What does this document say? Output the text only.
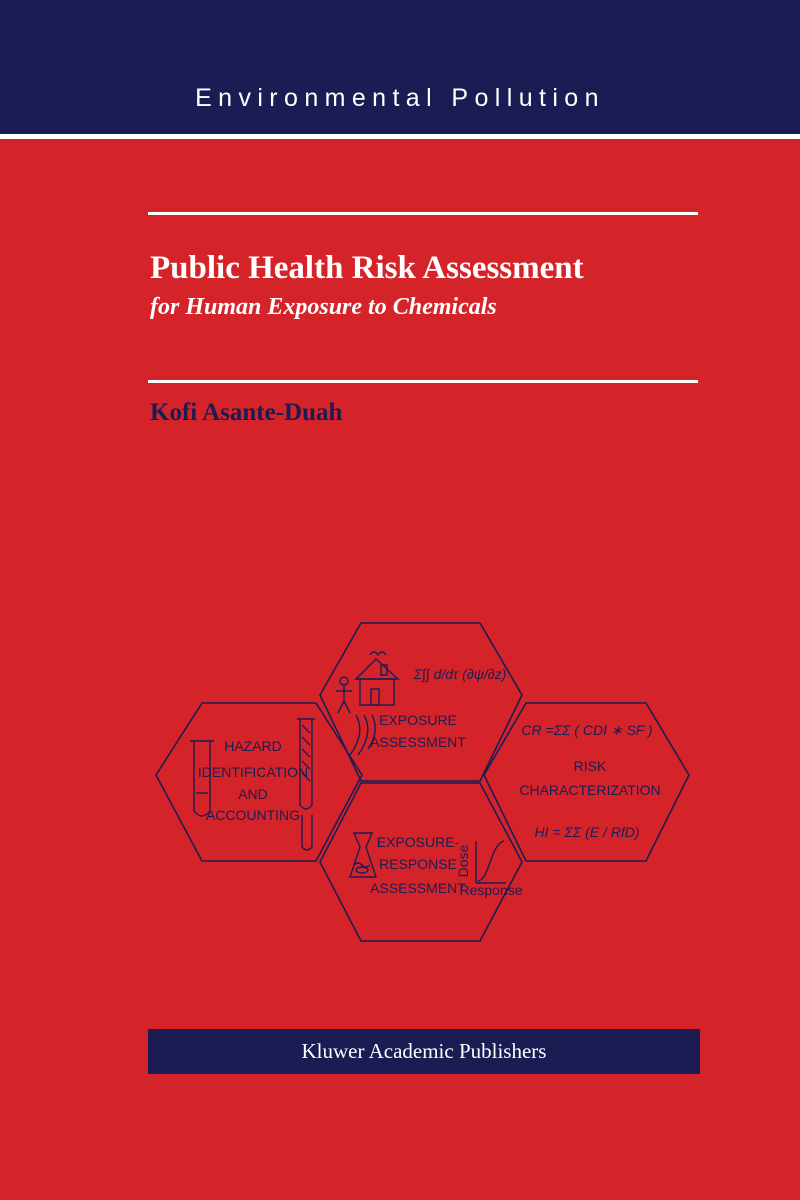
Environmental Pollution
Public Health Risk Assessment
for Human Exposure to Chemicals
Kofi Asante-Duah
HAZARD
IDENTIFICATION
AND
ACCOUNTING
Σ∫∫ d/dτ (∂ψ/∂z)
EXPOSURE
ASSESSMENT
CR =ΣΣ ( CDI ∗ SF )
RISK
CHARACTERIZATION
HI = ΣΣ (E / RfD)
EXPOSURE-
RESPONSE
ASSESSMENT
Dose
Response
Kluwer Academic Publishers
